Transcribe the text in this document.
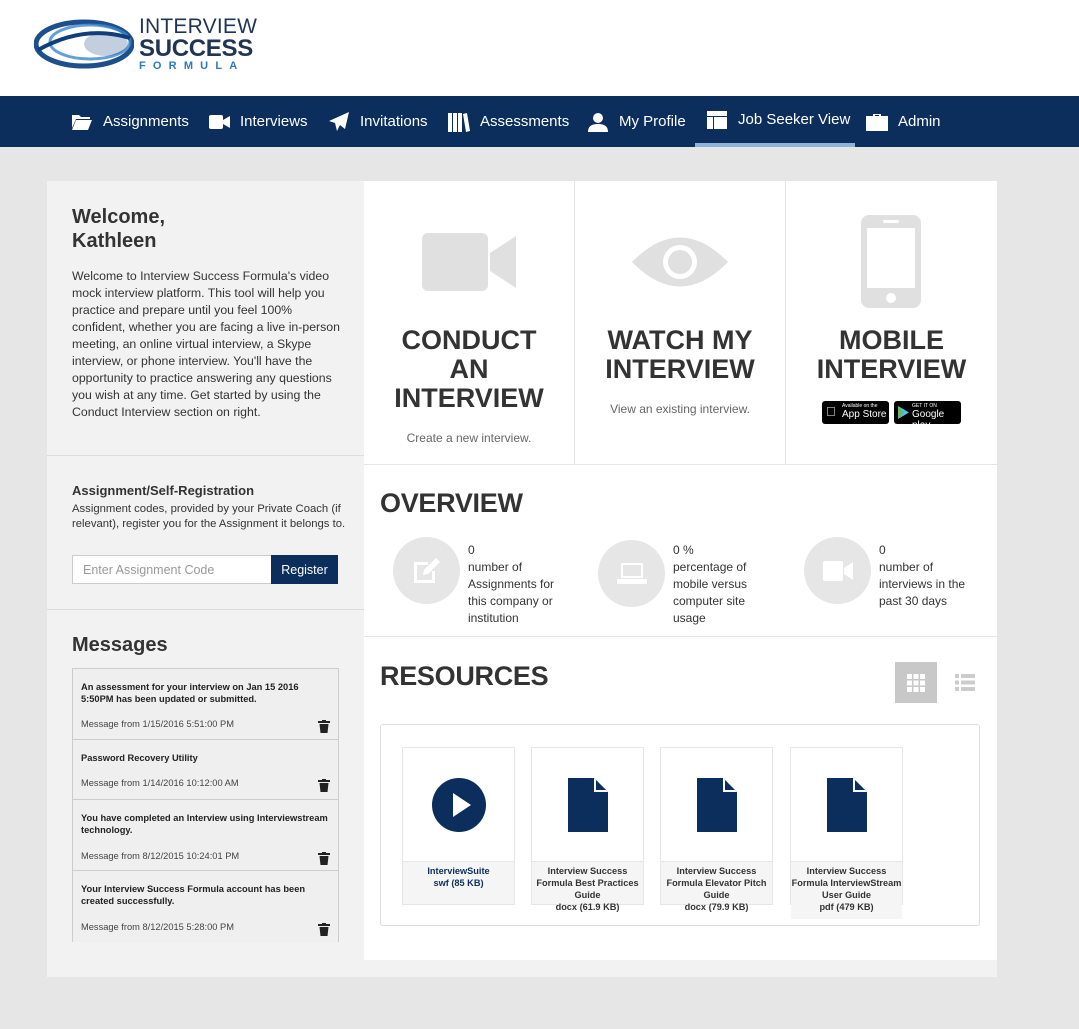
INTERVIEW
SUCCESS
FORMULA
Assignments	Interviews	Invitations	Assessments	My Profile	Job Seeker View	Admin
Welcome,
Kathleen
Welcome to Interview Success Formula's video mock interview platform. This tool will help you practice and prepare until you feel 100% confident, whether you are facing a live in-person meeting, an online virtual interview, a Skype interview, or phone interview. You'll have the opportunity to practice answering any questions you wish at any time. Get started by using the Conduct Interview section on right.
Assignment/Self-Registration
Assignment codes, provided by your Private Coach (if relevant), register you for the Assignment it belongs to.
Enter Assignment Code
Register
Messages
An assessment for your interview on Jan 15 2016 5:50PM has been updated or submitted.
Message from 1/15/2016 5:51:00 PM
Password Recovery Utility
Message from 1/14/2016 10:12:00 AM
You have completed an Interview using Interviewstream technology.
Message from 8/12/2015 10:24:01 PM
Your Interview Success Formula account has been created successfully.
Message from 8/12/2015 5:28:00 PM
CONDUCT
AN
INTERVIEW
Create a new interview.
WATCH MY
INTERVIEW
View an existing interview.
MOBILE
INTERVIEW
Available on the
App Store
GET IT ON
Google play
OVERVIEW
0
number of Assignments for this company or institution
0 %
percentage of mobile versus computer site usage
0
number of interviews in the past 30 days
RESOURCES
InterviewSuite
swf (85 KB)
Interview Success Formula Best Practices Guide
docx (61.9 KB)
Interview Success Formula Elevator Pitch Guide
docx (79.9 KB)
Interview Success Formula InterviewStream User Guide
pdf (479 KB)
